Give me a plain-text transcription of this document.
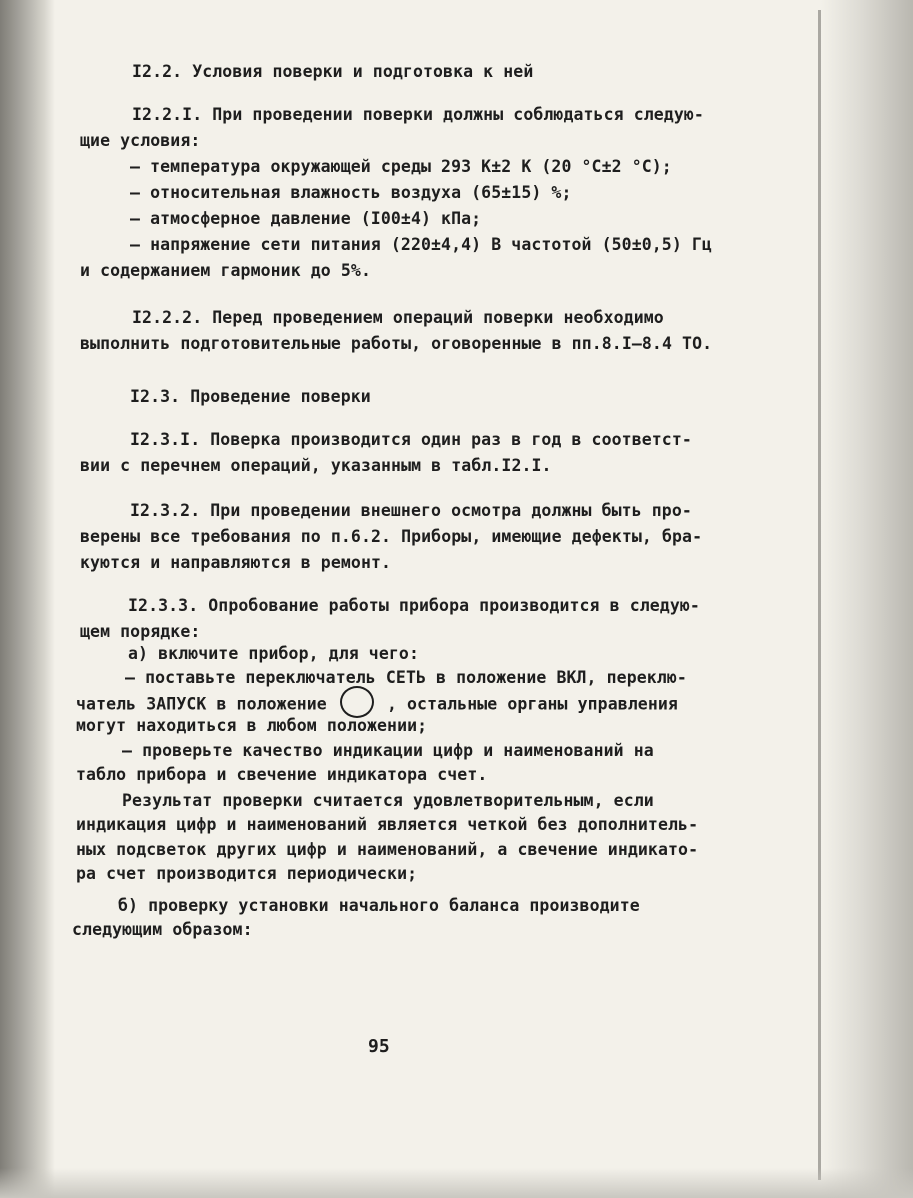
I2.2. Условия поверки и подготовка к ней

I2.2.I. При проведении поверки должны соблюдаться следую-

щие условия:

– температура окружающей среды 293 К±2 К (20 °С±2 °С);

– относительная влажность воздуха (65±15) %;

– атмосферное давление (I00±4) кПа;

– напряжение сети питания (220±4,4) В частотой (50±0,5) Гц

и содержанием гармоник до 5%.

I2.2.2. Перед проведением операций поверки необходимо

выполнить подготовительные работы, оговоренные в пп.8.I–8.4 ТО.

I2.3. Проведение поверки

I2.3.I. Поверка производится один раз в год в соответст-

вии с перечнем операций, указанным в табл.I2.I.

I2.3.2. При проведении внешнего осмотра должны быть про-

верены все требования по п.6.2. Приборы, имеющие дефекты, бра-

куются и направляются в ремонт.

I2.3.3. Опробование работы прибора производится в следую-

щем порядке:

а) включите прибор, для чего:

– поставьте переключатель СЕТЬ в положение ВКЛ, переклю-

чатель ЗАПУСК в положение	, остальные органы управления

могут находиться в любом положении;

– проверьте качество индикации цифр и наименований на

табло прибора и свечение индикатора счет.

Результат проверки считается удовлетворительным, если

индикация цифр и наименований является четкой без дополнитель-

ных подсветок других цифр и наименований, а свечение индикато-

ра счет производится периодически;

б) проверку установки начального баланса производите

следующим образом:

95
